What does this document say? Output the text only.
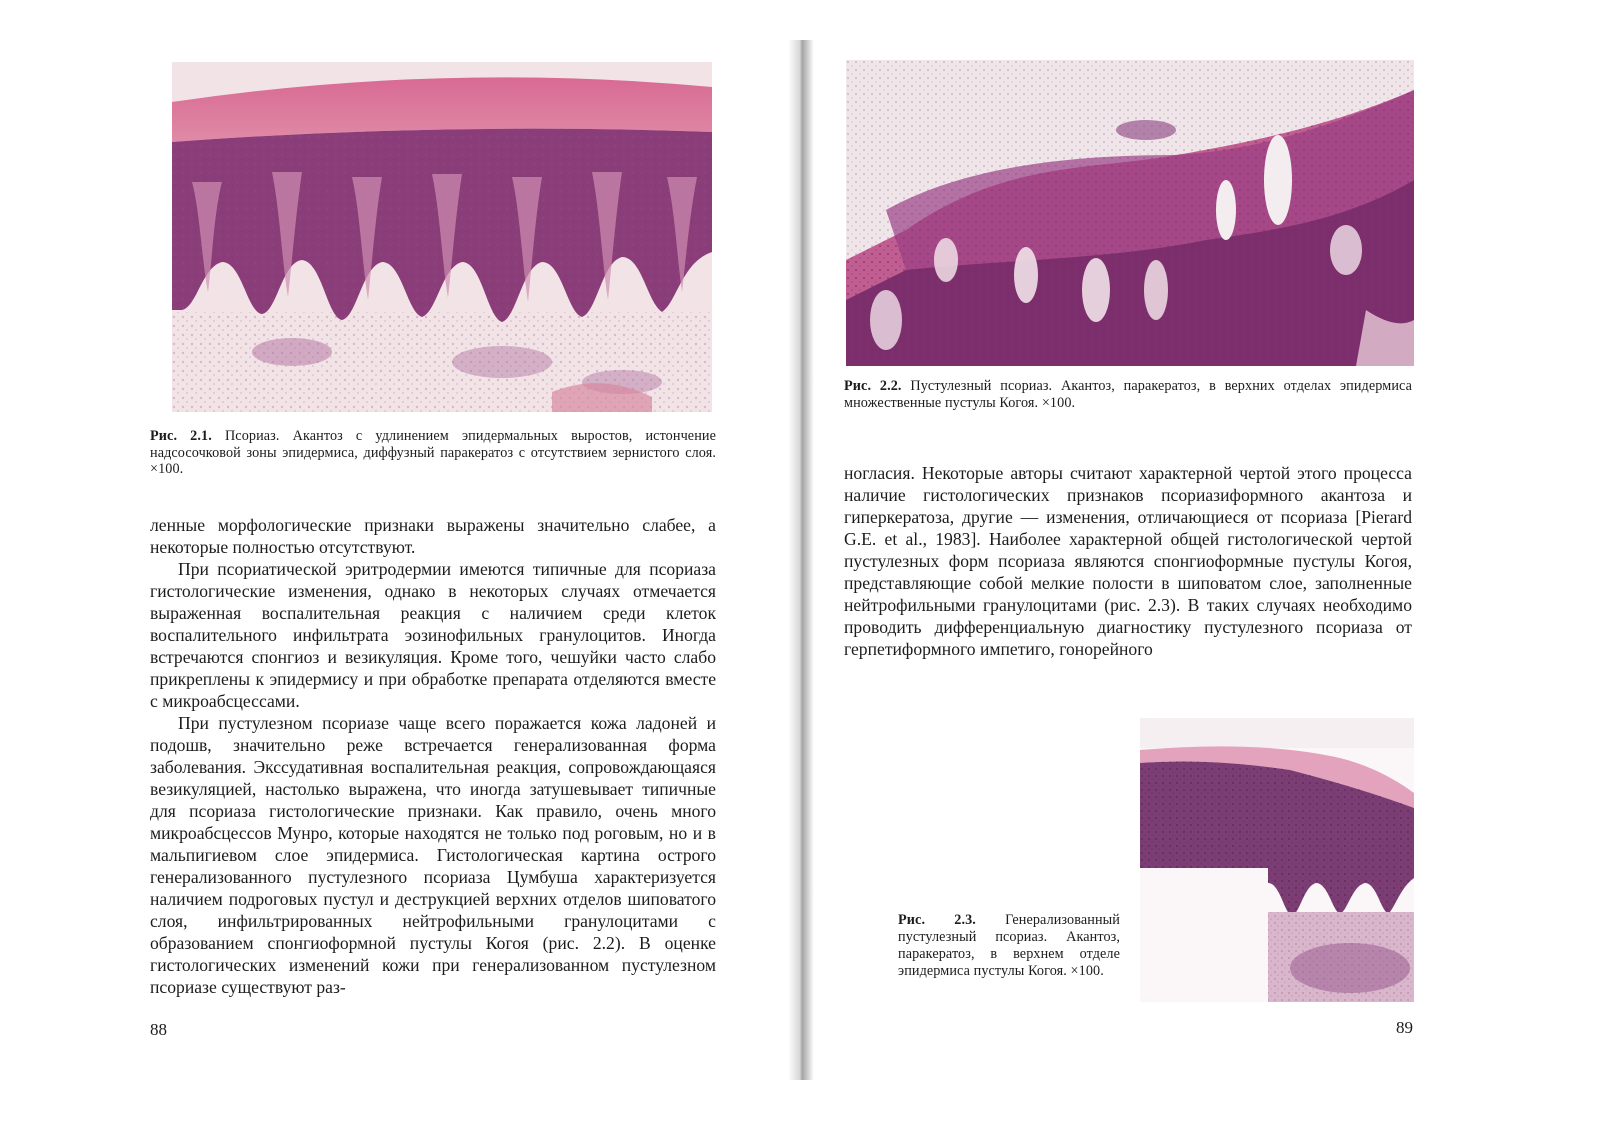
Рис. 2.1. Псориаз. Акантоз с удлинением эпидермальных выростов, истончение надсосочковой зоны эпидермиса, диффузный паракератоз с отсутствием зернистого слоя. ×100.

ленные морфологические признаки выражены значительно слабее, а некоторые полностью отсутствуют.

При псориатической эритродермии имеются типичные для псориаза гистологические изменения, однако в некоторых случаях отмечается выраженная воспалительная реакция с наличием среди клеток воспалительного инфильтрата эозинофильных гранулоцитов. Иногда встречаются спонгиоз и везикуляция. Кроме того, чешуйки часто слабо прикреплены к эпидермису и при обработке препарата отделяются вместе с микроабсцессами.

При пустулезном псориазе чаще всего поражается кожа ладоней и подошв, значительно реже встречается генерализованная форма заболевания. Экссудативная воспалительная реакция, сопровождающаяся везикуляцией, настолько выражена, что иногда затушевывает типичные для псориаза гистологические признаки. Как правило, очень много микроабсцессов Мунро, которые находятся не только под роговым, но и в мальпигиевом слое эпидермиса. Гистологическая картина острого генерализованного пустулезного псориаза Цумбуша характеризуется наличием подроговых пустул и деструкцией верхних отделов шиповатого слоя, инфильтрированных нейтрофильными гранулоцитами с образованием спонгиоформной пустулы Когоя (рис. 2.2). В оценке гистологических изменений кожи при генерализованном пустулезном псориазе существуют раз-

88
Рис. 2.2. Пустулезный псориаз. Акантоз, паракератоз, в верхних отделах эпидермиса множественные пустулы Когоя. ×100.

ногласия. Некоторые авторы считают характерной чертой этого процесса наличие гистологических признаков псориазиформного акантоза и гиперкератоза, другие — изменения, отличающиеся от псориаза [Pierard G.E. et al., 1983]. Наиболее характерной общей гистологической чертой пустулезных форм псориаза являются спонгиоформные пустулы Когоя, представляющие собой мелкие полости в шиповатом слое, заполненные нейтрофильными гранулоцитами (рис. 2.3). В таких случаях необходимо проводить дифференциальную диагностику пустулезного псориаза от герпетиформного импетиго, гонорейного

Рис. 2.3. Генерализованный пустулезный псориаз. Акантоз, паракератоз, в верхнем отделе эпидермиса пустулы Когоя. ×100.
89
